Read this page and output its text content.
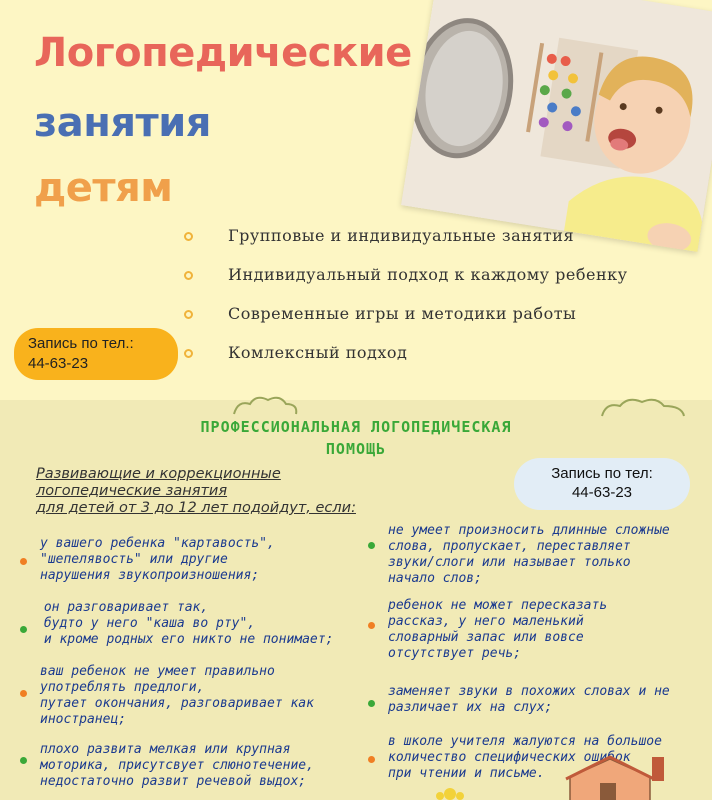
Логопедические
занятия
детям
Групповые и индивидуальные занятия
Индивидуальный подход к каждому ребенку
Современные игры и методики работы
Комлексный подход
Запись по тел.:
44-63-23
ПРОФЕССИОНАЛЬНАЯ ЛОГОПЕДИЧЕСКАЯ
ПОМОЩЬ
Развивающие и коррекционные
логопедические занятия
для детей от 3 до 12 лет подойдут, если:
Запись по тел:
44-63-23
у вашего ребенка "картавость",
"шепелявость" или другие
нарушения звукопроизношения;
он разговаривает так,
будто у него "каша во рту",
и кроме родных его никто не понимает;
ваш ребенок не умеет правильно
употреблять предлоги,
путает окончания, разговаривает как
иностранец;
плохо развита мелкая или крупная
моторика, присутсвует слюнотечение,
недостаточно развит речевой выдох;
не умеет произносить длинные сложные
слова, пропускает, переставляет
звуки/слоги или называет только
начало слов;
ребенок не может пересказать
рассказ, у него маленький
словарный запас или вовсе
отсутствует речь;
заменяет звуки в похожих словах и не
различает их на слух;
в школе учителя жалуются на большое
количество специфических ошибок
при чтении и письме.
